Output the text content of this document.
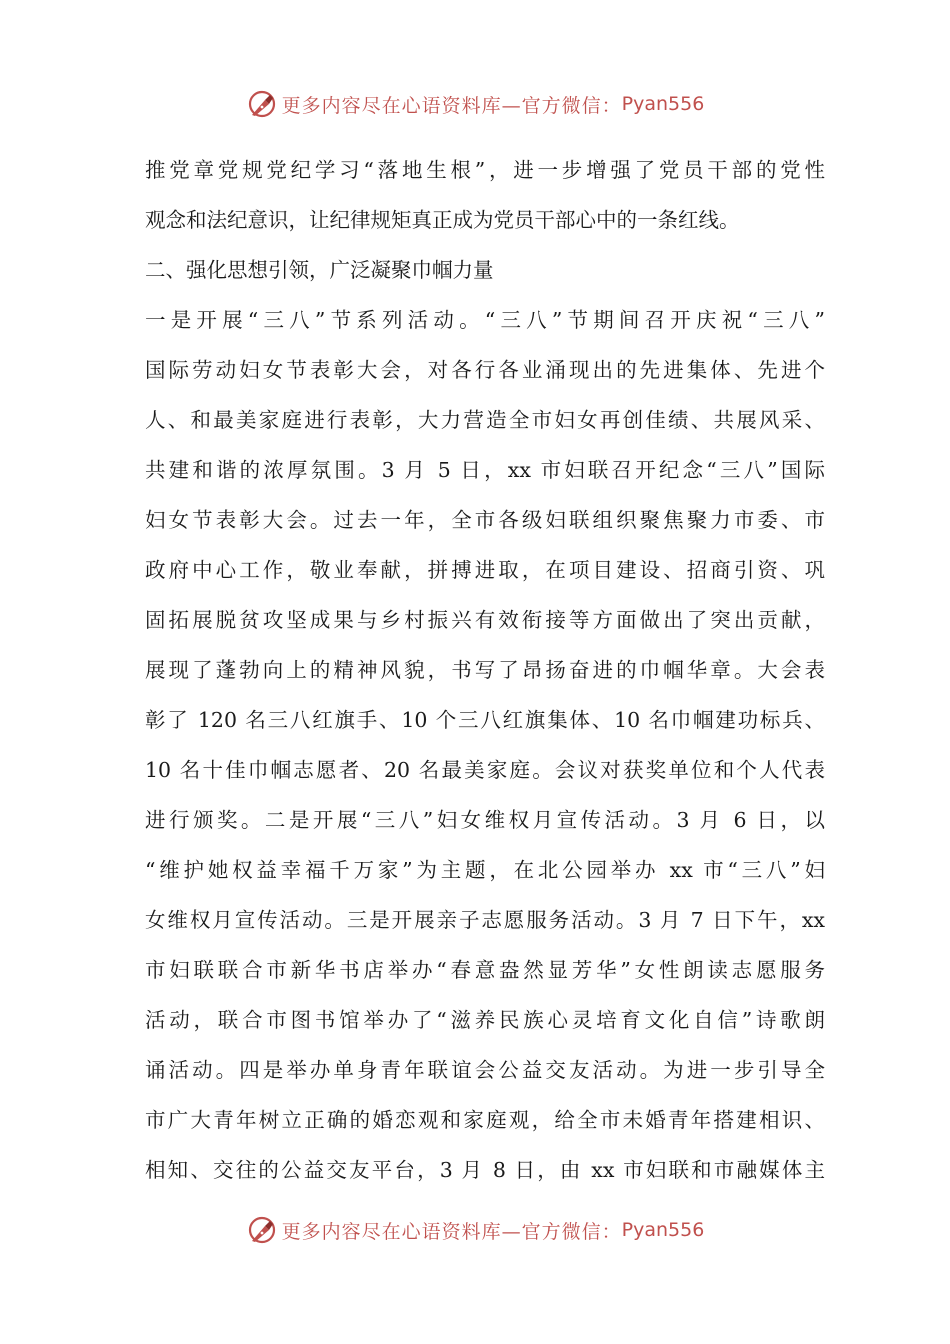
更多内容尽在心语资料库—官方微信： Pyan556
推党章党规党纪学习“落地生根”，进一步增强了党员干部的党性
观念和法纪意识，让纪律规矩真正成为党员干部心中的一条红线。
二、强化思想引领，广泛凝聚巾帼力量
一是开展“三八”节系列活动。“三八”节期间召开庆祝“三八”
国际劳动妇女节表彰大会，对各行各业涌现出的先进集体、先进个
人、和最美家庭进行表彰，大力营造全市妇女再创佳绩、共展风采、
共建和谐的浓厚氛围。3 月 5 日，xx 市妇联召开纪念“三八”国际
妇女节表彰大会。过去一年，全市各级妇联组织聚焦聚力市委、市
政府中心工作，敬业奉献，拼搏进取，在项目建设、招商引资、巩
固拓展脱贫攻坚成果与乡村振兴有效衔接等方面做出了突出贡献，
展现了蓬勃向上的精神风貌，书写了昂扬奋进的巾帼华章。大会表
彰了 120 名三八红旗手、10 个三八红旗集体、10 名巾帼建功标兵、
10 名十佳巾帼志愿者、20 名最美家庭。会议对获奖单位和个人代表
进行颁奖。二是开展“三八”妇女维权月宣传活动。3 月 6 日，以
“维护她权益幸福千万家”为主题，在北公园举办 xx 市“三八”妇
女维权月宣传活动。三是开展亲子志愿服务活动。3 月 7 日下午，xx
市妇联联合市新华书店举办“春意盎然显芳华”女性朗读志愿服务
活动，联合市图书馆举办了“滋养民族心灵培育文化自信”诗歌朗
诵活动。四是举办单身青年联谊会公益交友活动。为进一步引导全
市广大青年树立正确的婚恋观和家庭观，给全市未婚青年搭建相识、
相知、交往的公益交友平台，3 月 8 日，由 xx 市妇联和市融媒体主
更多内容尽在心语资料库—官方微信： Pyan556
